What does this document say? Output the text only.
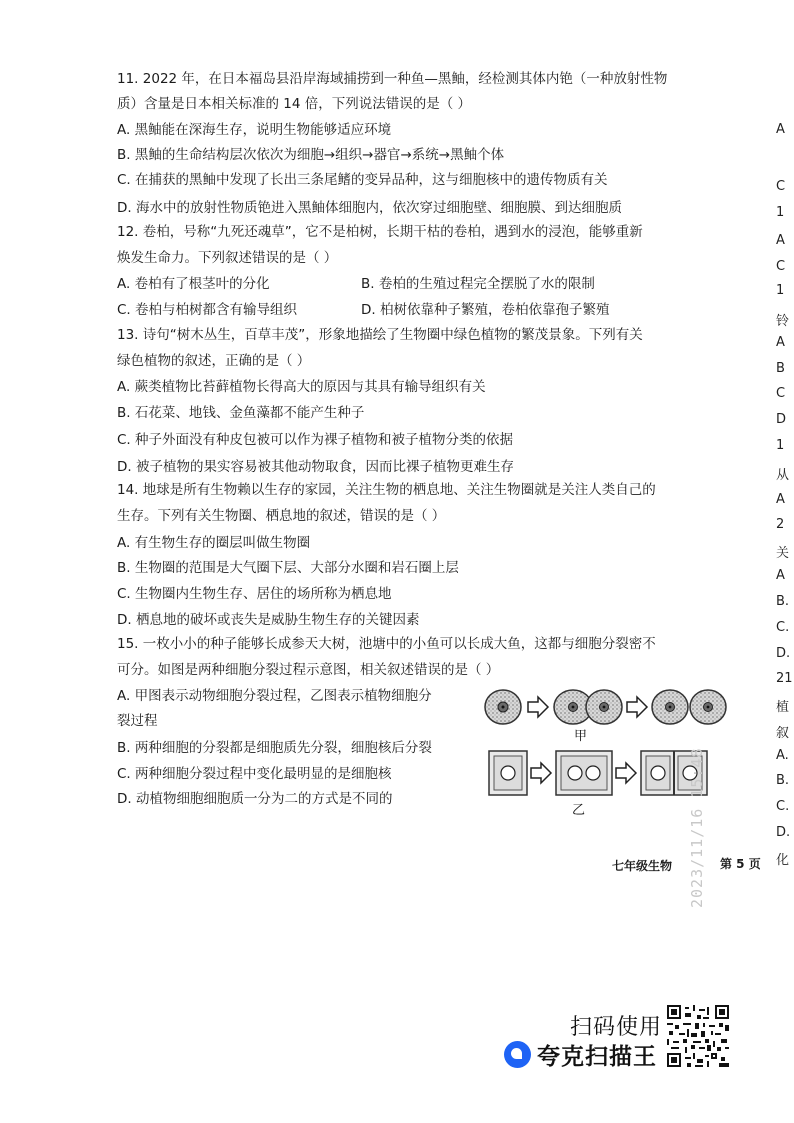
11. 2022 年，在日本福岛县沿岸海域捕捞到一种鱼—黑鲉，经检测其体内铯（一种放射性物
质）含量是日本相关标准的 14 倍，下列说法错误的是（ ）
A. 黑鲉能在深海生存，说明生物能够适应环境
B. 黑鲉的生命结构层次依次为细胞→组织→器官→系统→黑鲉个体
C. 在捕获的黑鲉中发现了长出三条尾鳍的变异品种，这与细胞核中的遗传物质有关
D. 海水中的放射性物质铯进入黑鲉体细胞内，依次穿过细胞壁、细胞膜、到达细胞质
12. 卷柏，号称“九死还魂草”，它不是柏树，长期干枯的卷柏，遇到水的浸泡，能够重新
焕发生命力。下列叙述错误的是（ ）
A. 卷柏有了根茎叶的分化	B. 卷柏的生殖过程完全摆脱了水的限制
C. 卷柏与柏树都含有输导组织	D. 柏树依靠种子繁殖，卷柏依靠孢子繁殖
13. 诗句“树木丛生，百草丰茂”，形象地描绘了生物圈中绿色植物的繁茂景象。下列有关
绿色植物的叙述，正确的是（ ）
A. 蕨类植物比苔藓植物长得高大的原因与其具有输导组织有关
B. 石花菜、地钱、金鱼藻都不能产生种子
C. 种子外面没有种皮包被可以作为裸子植物和被子植物分类的依据
D. 被子植物的果实容易被其他动物取食，因而比裸子植物更难生存
14. 地球是所有生物赖以生存的家园，关注生物的栖息地、关注生物圈就是关注人类自己的
生存。下列有关生物圈、栖息地的叙述，错误的是（ ）
A. 有生物生存的圈层叫做生物圈
B. 生物圈的范围是大气圈下层、大部分水圈和岩石圈上层
C. 生物圈内生物生存、居住的场所称为栖息地
D. 栖息地的破坏或丧失是威胁生物生存的关键因素
15. 一枚小小的种子能够长成参天大树，池塘中的小鱼可以长成大鱼，这都与细胞分裂密不
可分。如图是两种细胞分裂过程示意图，相关叙述错误的是（ ）
A. 甲图表示动物细胞分裂过程，乙图表示植物细胞分
裂过程
B. 两种细胞的分裂都是细胞质先分裂，细胞核后分裂
C. 两种细胞分裂过程中变化最明显的是细胞核
D. 动植物细胞细胞质一分为二的方式是不同的
A
C
1
A
C
1
铃
A
B
C
D
1
从
A
2
关
A
B.
C.
D.
21
植
叙
A.
B.
C.
D.
化
甲
乙	2023/11/16 15:48
七年级生物	第 5 页
扫码使用
夸克扫描王
